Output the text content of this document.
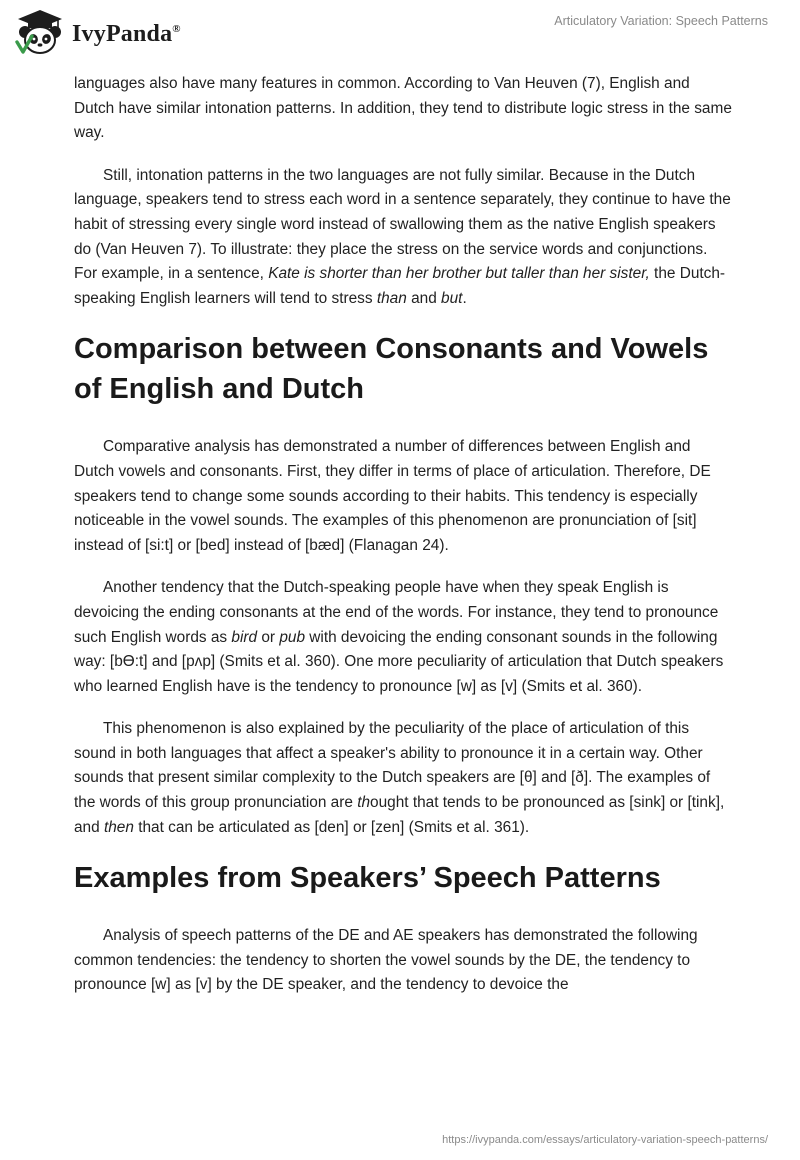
IvyPanda®
Articulatory Variation: Speech Patterns

languages also have many features in common. According to Van Heuven (7), English and Dutch have similar intonation patterns. In addition, they tend to distribute logic stress in the same way.

Still, intonation patterns in the two languages are not fully similar. Because in the Dutch language, speakers tend to stress each word in a sentence separately, they continue to have the habit of stressing every single word instead of swallowing them as the native English speakers do (Van Heuven 7). To illustrate: they place the stress on the service words and conjunctions. For example, in a sentence, Kate is shorter than her brother but taller than her sister, the Dutch-speaking English learners will tend to stress than and but.

Comparison between Consonants and Vowels of English and Dutch

Comparative analysis has demonstrated a number of differences between English and Dutch vowels and consonants. First, they differ in terms of place of articulation. Therefore, DE speakers tend to change some sounds according to their habits. This tendency is especially noticeable in the vowel sounds. The examples of this phenomenon are pronunciation of [sit] instead of [si:t] or [bed] instead of [bæd] (Flanagan 24).

Another tendency that the Dutch-speaking people have when they speak English is devoicing the ending consonants at the end of the words. For instance, they tend to pronounce such English words as bird or pub with devoicing the ending consonant sounds in the following way: [bƟ:t] and [pʌp] (Smits et al. 360). One more peculiarity of articulation that Dutch speakers who learned English have is the tendency to pronounce [w] as [v] (Smits et al. 360).

This phenomenon is also explained by the peculiarity of the place of articulation of this sound in both languages that affect a speaker's ability to pronounce it in a certain way. Other sounds that present similar complexity to the Dutch speakers are [θ] and [ð]. The examples of the words of this group pronunciation are thought that tends to be pronounced as [sink] or [tink], and then that can be articulated as [den] or [zen] (Smits et al. 361).

Examples from Speakers’ Speech Patterns

Analysis of speech patterns of the DE and AE speakers has demonstrated the following common tendencies: the tendency to shorten the vowel sounds by the DE, the tendency to pronounce [w] as [v] by the DE speaker, and the tendency to devoice the

https://ivypanda.com/essays/articulatory-variation-speech-patterns/
